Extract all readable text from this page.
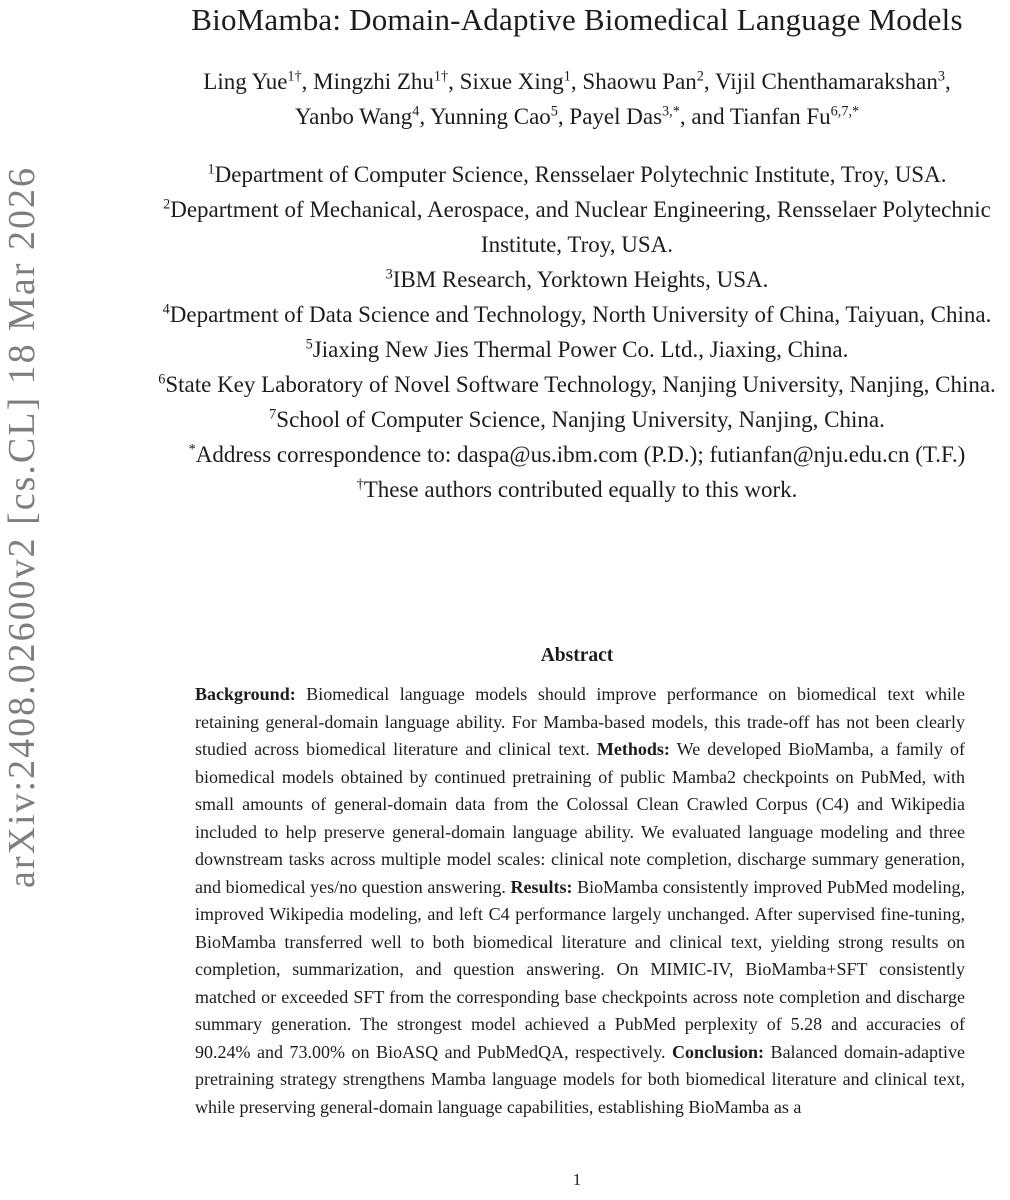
arXiv:2408.02600v2 [cs.CL] 18 Mar 2026
BioMamba: Domain-Adaptive Biomedical Language Models
Ling Yue$^{1\dagger}$, Mingzhi Zhu$^{1\dagger}$, Sixue Xing$^1$, Shaowu Pan$^2$, Vijil Chenthamarakshan$^3$,
Yanbo Wang$^4$, Yunning Cao$^5$, Payel Das$^{3,*}$, and Tianfan $Fu^{6,7,*}$
$^1$Department of Computer Science, Rensselaer Polytechnic Institute, Troy, USA.
$^2$Department of Mechanical, Aerospace, and Nuclear Engineering, Rensselaer Polytechnic Institute, Troy, USA.
$^3$IBM Research, Yorktown Heights, USA.
$^4$Department of Data Science and Technology, North University of China, Taiyuan, China.
$^5$Jiaxing New Jies Thermal Power Co. Ltd., Jiaxing, China.
$^6$State Key Laboratory of Novel Software Technology, Nanjing University, Nanjing, China.
$^7$School of Computer Science, Nanjing University, Nanjing, China.
*Address correspondence to: daspa@us.ibm.com (P.D.); futianfan@nju.edu.cn (T.F.)
†These authors contributed equally to this work.
Abstract
Background: Biomedical language models should improve performance on biomedical text while retaining general-domain language ability. For Mamba-based models, this trade-off has not been clearly studied across biomedical literature and clinical text. Methods: We developed BioMamba, a family of biomedical models obtained by continued pretraining of public Mamba2 checkpoints on PubMed, with small amounts of general-domain data from the Colossal Clean Crawled Corpus (C4) and Wikipedia included to help preserve general-domain language ability. We evaluated language modeling and three downstream tasks across multiple model scales: clinical note completion, discharge summary generation, and biomedical yes/no question answering. Results: BioMamba consistently improved PubMed modeling, improved Wikipedia modeling, and left C4 performance largely unchanged. After supervised fine-tuning, BioMamba transferred well to both biomedical literature and clinical text, yielding strong results on completion, summarization, and question answering. On MIMIC-IV, BioMamba+SFT consistently matched or exceeded SFT from the corresponding base checkpoints across note completion and discharge summary generation. The strongest model achieved a PubMed perplexity of 5.28 and accuracies of 90.24% and 73.00% on BioASQ and PubMedQA, respectively. Conclusion: Balanced domain-adaptive pretraining strategy strengthens Mamba language models for both biomedical literature and clinical text, while preserving general-domain language capabilities, establishing BioMamba as a
1
